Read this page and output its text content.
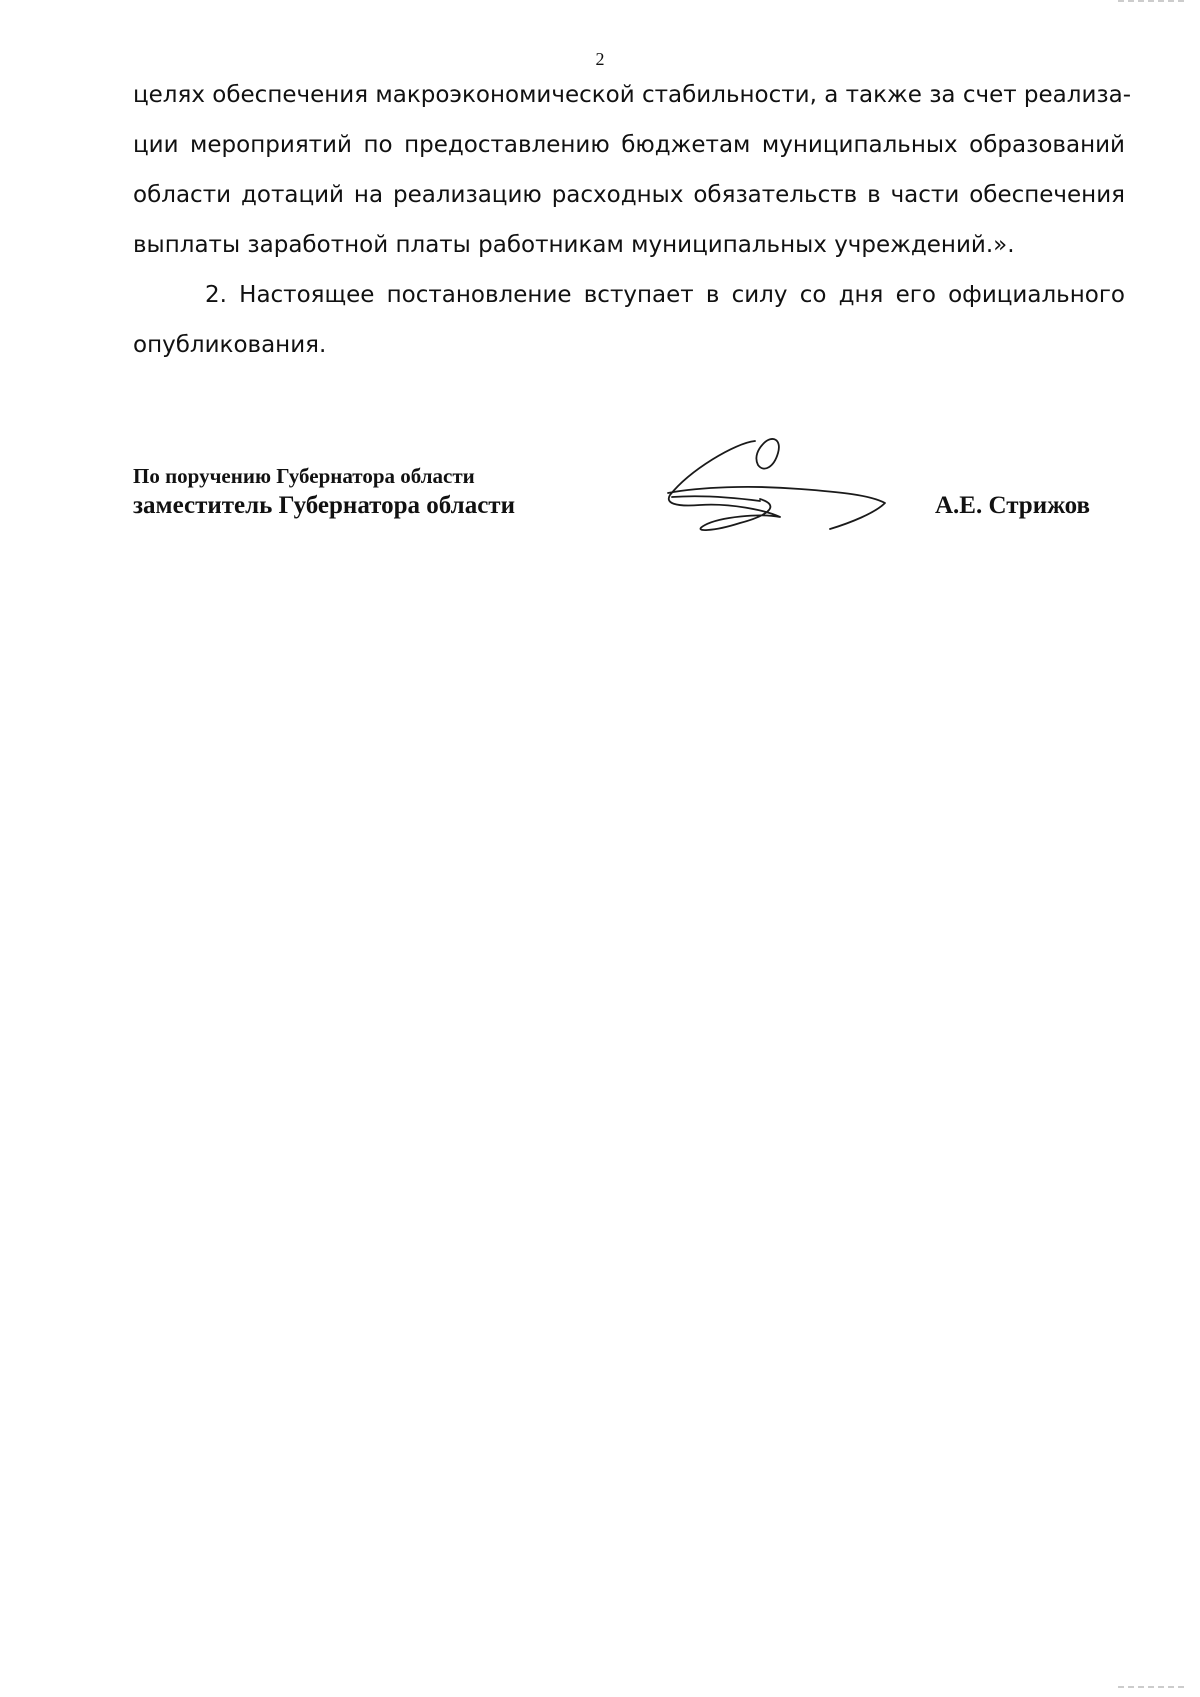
2
целях обеспечения макроэкономической стабильности, а также за счет реализа-
ции мероприятий по предоставлению бюджетам муниципальных образований
области дотаций на реализацию расходных обязательств в части обеспечения
выплаты заработной платы работникам муниципальных учреждений.».
2. Настоящее постановление вступает в силу со дня его официального
опубликования.
По поручению Губернатора области
заместитель Губернатора области	А.Е. Стрижов
